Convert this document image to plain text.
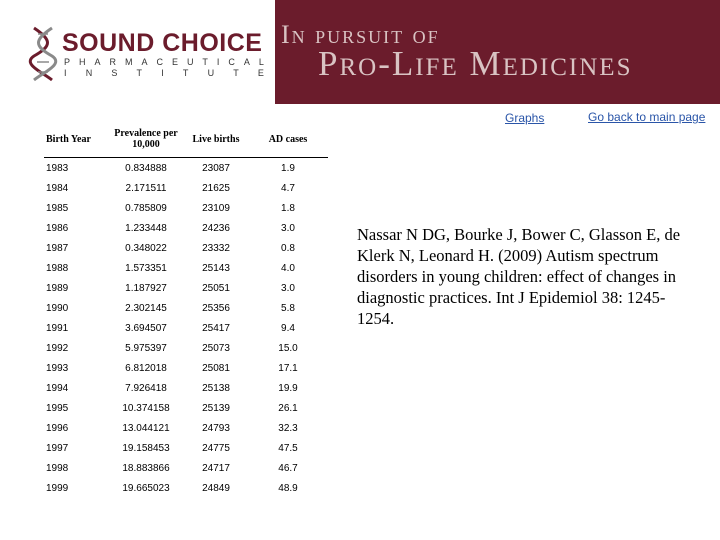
SOUND CHOICE
P H A R M A C E U T I C A L
I N S T I T U T E
In pursuit of
Pro-Life Medicines
Graphs	Go back to main page
Birth Year	Prevalence per 10,000	Live births	AD cases
1983	0.834888	23087	1.9
1984	2.171511	21625	4.7
1985	0.785809	23109	1.8
1986	1.233448	24236	3.0
1987	0.348022	23332	0.8
1988	1.573351	25143	4.0
1989	1.187927	25051	3.0
1990	2.302145	25356	5.8
1991	3.694507	25417	9.4
1992	5.975397	25073	15.0
1993	6.812018	25081	17.1
1994	7.926418	25138	19.9
1995	10.374158	25139	26.1
1996	13.044121	24793	32.3
1997	19.158453	24775	47.5
1998	18.883866	24717	46.7
1999	19.665023	24849	48.9
Nassar N DG, Bourke J, Bower C, Glasson E, de Klerk N, Leonard H. (2009) Autism spectrum disorders in young children: effect of changes in diagnostic practices. Int J Epidemiol 38: 1245-1254.
